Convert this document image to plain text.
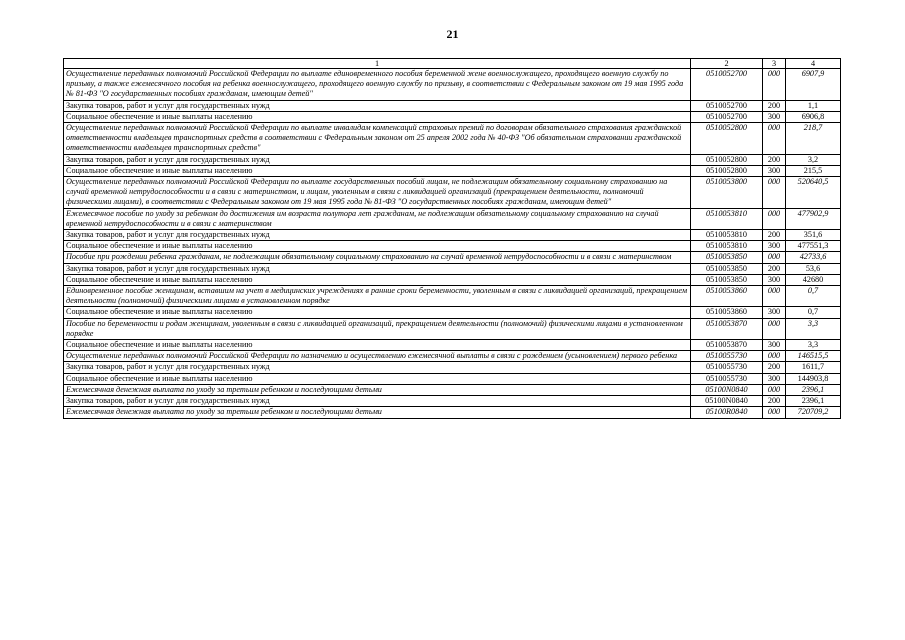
21
1	2	3	4
Осуществление переданных полномочий Российской Федерации по выплате единовременного пособия беременной жене военнослужащего, проходящего военную службу по призыву, а также ежемесячного пособия на ребенка военнослужащего, проходящего военную службу по призыву, в соответствии с Федеральным законом от 19 мая 1995 года № 81-ФЗ "О государственных пособиях гражданам, имеющим детей"	0510052700	000	6907,9
Закупка товаров, работ и услуг для государственных нужд	0510052700	200	1,1
Социальное обеспечение и иные выплаты населению	0510052700	300	6906,8
Осуществление переданных полномочий Российской Федерации по выплате инвалидам компенсаций страховых премий по договорам обязательного страхования гражданской ответственности владельцев транспортных средств в соответствии с Федеральным законом от 25 апреля 2002 года № 40-ФЗ "Об обязательном страховании гражданской ответственности владельцев транспортных средств"	0510052800	000	218,7
Закупка товаров, работ и услуг для государственных нужд	0510052800	200	3,2
Социальное обеспечение и иные выплаты населению	0510052800	300	215,5
Осуществление переданных полномочий Российской Федерации по выплате государственных пособий лицам, не подлежащим обязательному социальному страхованию на случай временной нетрудоспособности и в связи с материнством, и лицам, уволенным в связи с ликвидацией организаций (прекращением деятельности, полномочий физическими лицами), в соответствии с Федеральным законом от 19 мая 1995 года № 81-ФЗ "О государственных пособиях гражданам, имеющим детей"	0510053800	000	520640,5
Ежемесячное пособие по уходу за ребенком до достижения им возраста полутора лет гражданам, не подлежащим обязательному социальному страхованию на случай временной нетрудоспособности и в связи с материнством	0510053810	000	477902,9
Закупка товаров, работ и услуг для государственных нужд	0510053810	200	351,6
Социальное обеспечение и иные выплаты населению	0510053810	300	477551,3
Пособие при рождении ребенка гражданам, не подлежащим обязательному социальному страхованию на случай временной нетрудоспособности и в связи с материнством	0510053850	000	42733,6
Закупка товаров, работ и услуг для государственных нужд	0510053850	200	53,6
Социальное обеспечение и иные выплаты населению	0510053850	300	42680
Единовременное пособие женщинам, вставшим на учет в медицинских учреждениях в ранние сроки беременности, уволенным в связи с ликвидацией организаций, прекращением деятельности (полномочий) физическими лицами в установленном порядке	0510053860	000	0,7
Социальное обеспечение и иные выплаты населению	0510053860	300	0,7
Пособие по беременности и родам женщинам, уволенным в связи с ликвидацией организаций, прекращением деятельности (полномочий) физическими лицами в установленном порядке	0510053870	000	3,3
Социальное обеспечение и иные выплаты населению	0510053870	300	3,3
Осуществление переданных полномочий Российской Федерации по назначению и осуществлению ежемесячной выплаты в связи с рождением (усыновлением) первого ребенка	0510055730	000	146515,5
Закупка товаров, работ и услуг для государственных нужд	0510055730	200	1611,7
Социальное обеспечение и иные выплаты населению	0510055730	300	144903,8
Ежемесячная денежная выплата по уходу за третьим ребенком и последующими детьми	05100N0840	000	2396,1
Закупка товаров, работ и услуг для государственных нужд	05100N0840	200	2396,1
Ежемесячная денежная выплата по уходу за третьим ребенком и последующими детьми	05100R0840	000	720709,2
